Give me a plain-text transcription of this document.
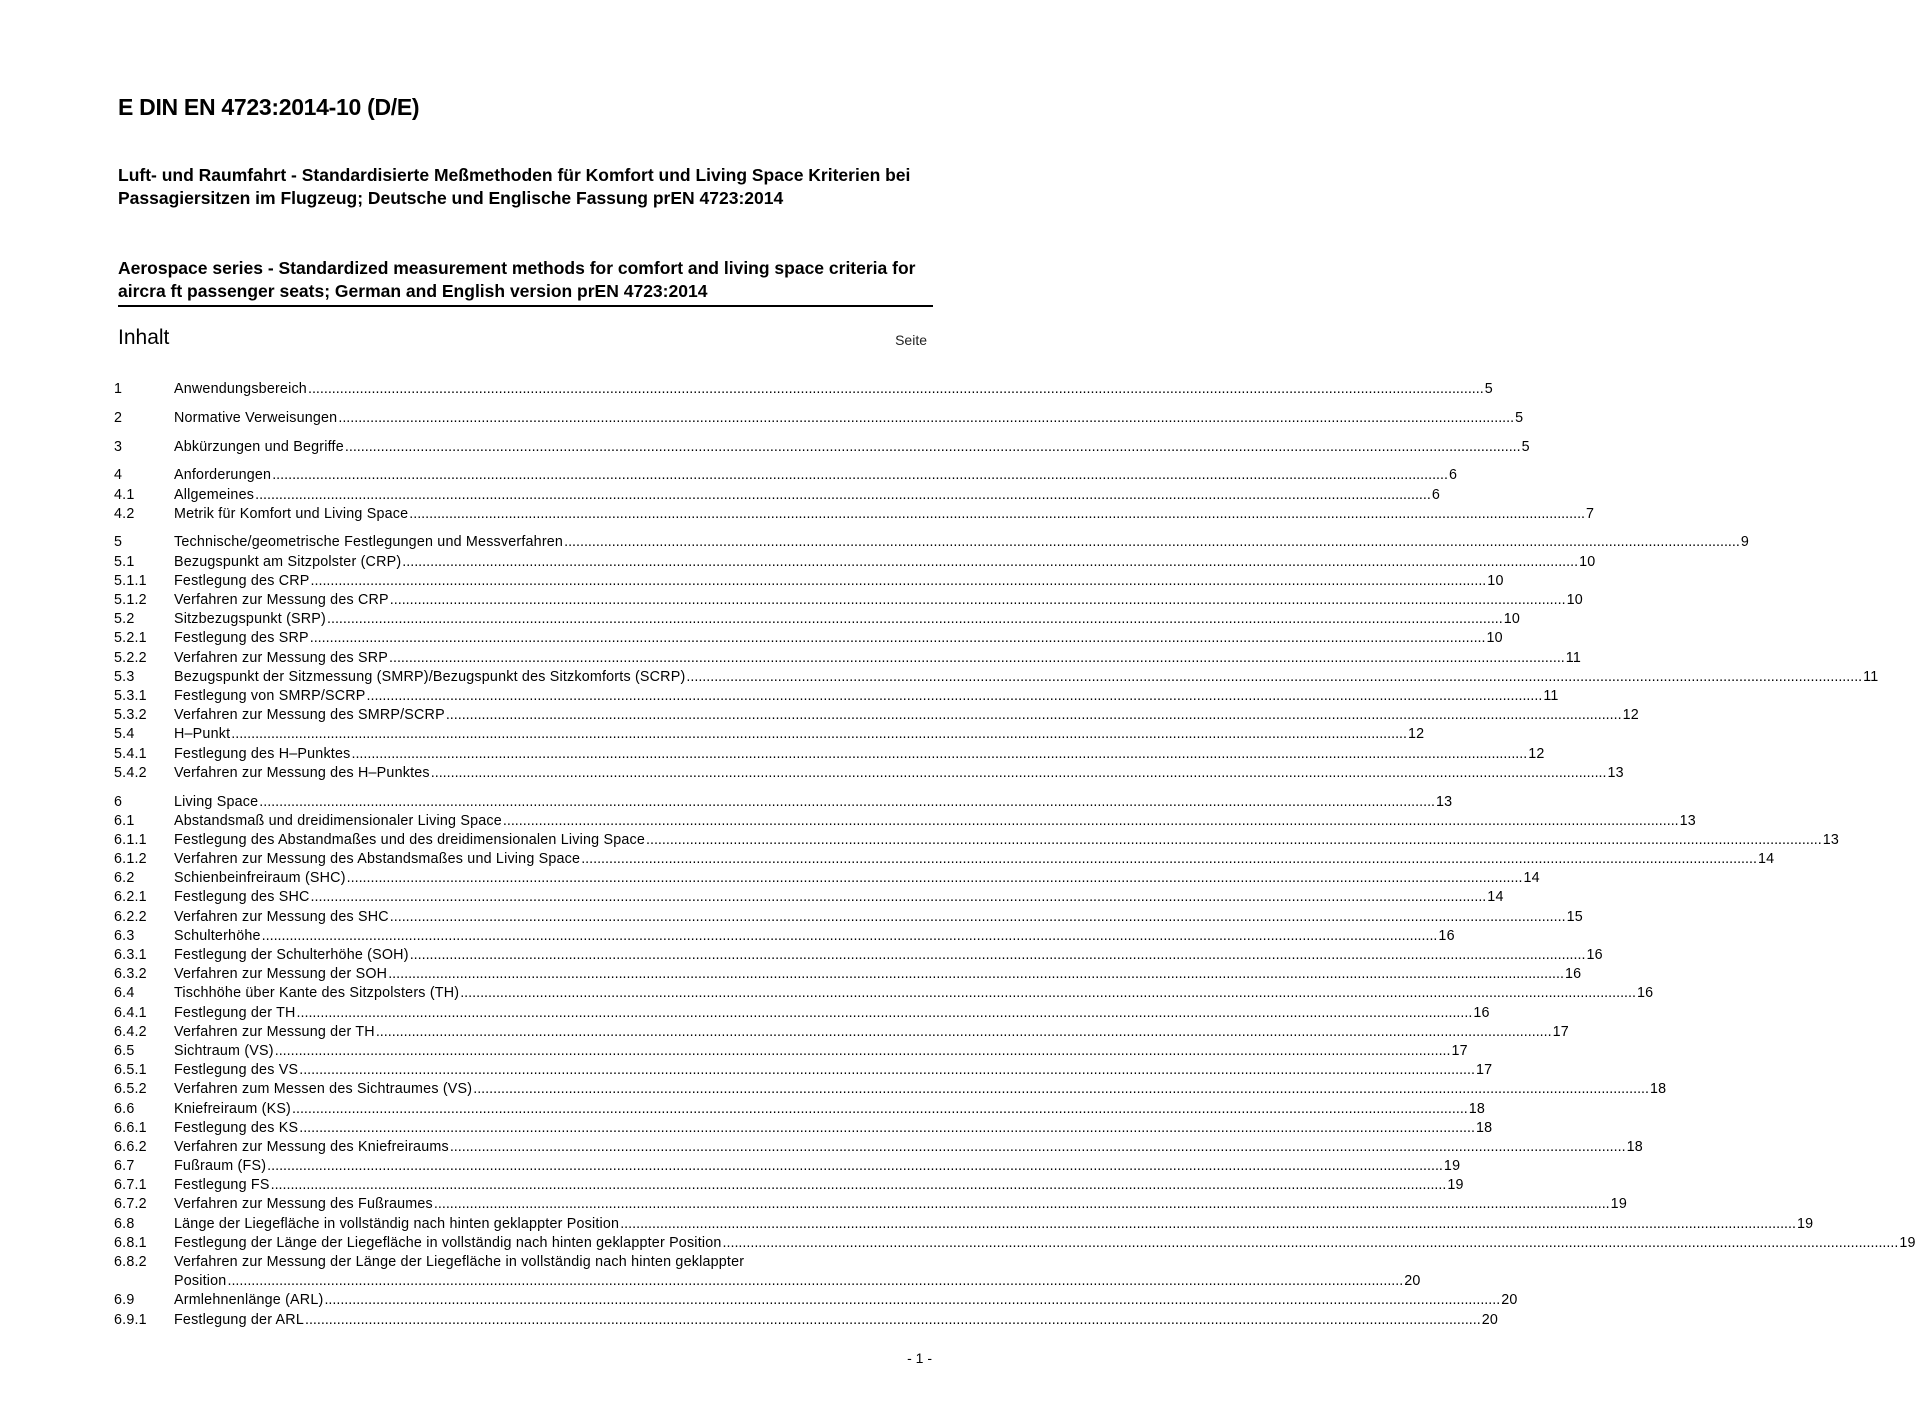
E DIN EN 4723:2014-10 (D/E)

Luft- und Raumfahrt - Standardisierte Meßmethoden für Komfort und Living Space Kriterien bei Passagiersitzen im Flugzeug; Deutsche und Englische Fassung prEN 4723:2014

Aerospace series - Standardized measurement methods for comfort and living space criteria for aircra ft passenger seats; German and English version prEN 4723:2014

Inhalt	Seite
1	Anwendungsbereich .....	5
2	Normative Verweisungen .....	5
3	Abkürzungen und Begriffe .....	5
4	Anforderungen .....	6
4.1	Allgemeines .....	6
4.2	Metrik für Komfort und Living Space .....	7
5	Technische/geometrische Festlegungen und Messverfahren .....	9
5.1	Bezugspunkt am Sitzpolster (CRP) .....	10
5.1.1	Festlegung des CRP .....	10
5.1.2	Verfahren zur Messung des CRP .....	10
5.2	Sitzbezugspunkt (SRP) .....	10
5.2.1	Festlegung des SRP .....	10
5.2.2	Verfahren zur Messung des SRP .....	11
5.3	Bezugspunkt der Sitzmessung (SMRP)/Bezugspunkt des Sitzkomforts (SCRP) .....	11
5.3.1	Festlegung von SMRP/SCRP .....	11
5.3.2	Verfahren zur Messung des SMRP/SCRP .....	12
5.4	H–Punkt .....	12
5.4.1	Festlegung des H–Punktes .....	12
5.4.2	Verfahren zur Messung des H–Punktes .....	13
6	Living Space .....	13
6.1	Abstandsmaß und dreidimensionaler Living Space .....	13
6.1.1	Festlegung des Abstandmaßes und des dreidimensionalen Living Space .....	13
6.1.2	Verfahren zur Messung des Abstandsmaßes und Living Space .....	14
6.2	Schienbeinfreiraum (SHC) .....	14
6.2.1	Festlegung des SHC .....	14
6.2.2	Verfahren zur Messung des SHC .....	15
6.3	Schulterhöhe .....	16
6.3.1	Festlegung der Schulterhöhe (SOH) .....	16
6.3.2	Verfahren zur Messung der SOH .....	16
6.4	Tischhöhe über Kante des Sitzpolsters (TH) .....	16
6.4.1	Festlegung der TH .....	16
6.4.2	Verfahren zur Messung der TH .....	17
6.5	Sichtraum (VS) .....	17
6.5.1	Festlegung des VS .....	17
6.5.2	Verfahren zum Messen des Sichtraumes (VS) .....	18
6.6	Kniefreiraum (KS) .....	18
6.6.1	Festlegung des KS .....	18
6.6.2	Verfahren zur Messung des Kniefreiraums .....	18
6.7	Fußraum (FS) .....	19
6.7.1	Festlegung FS .....	19
6.7.2	Verfahren zur Messung des Fußraumes .....	19
6.8	Länge der Liegefläche in vollständig nach hinten geklappter Position .....	19
6.8.1	Festlegung der Länge der Liegefläche in vollständig nach hinten geklappter Position .....	19
6.8.2	Verfahren zur Messung der Länge der Liegefläche in vollständig nach hinten geklappter
Position .....	20
6.9	Armlehnenlänge (ARL) .....	20
6.9.1	Festlegung der ARL .....	20
- 1 -
